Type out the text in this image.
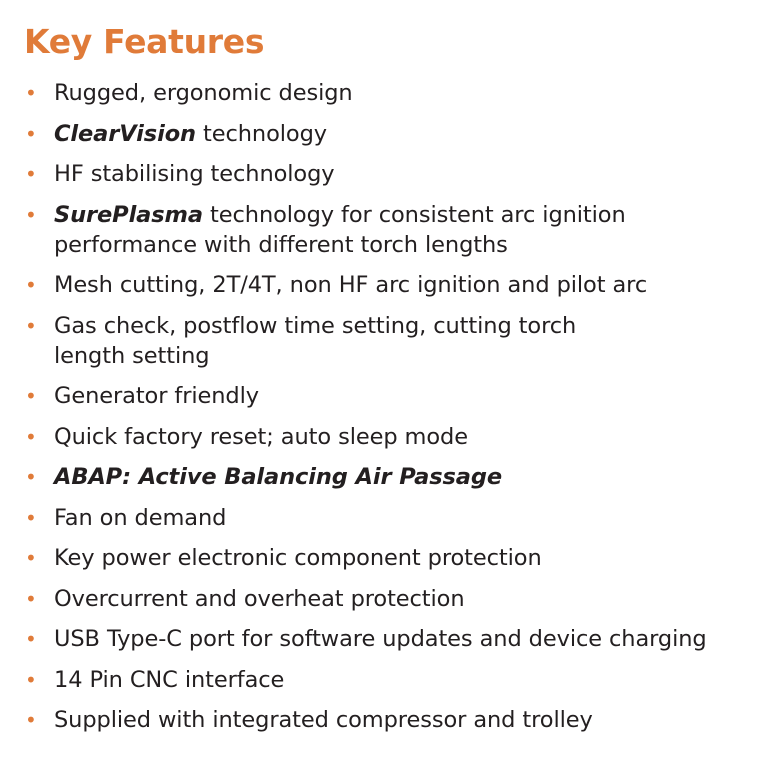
Key Features
• Rugged, ergonomic design
• ClearVision technology
• HF stabilising technology
• SurePlasma technology for consistent arc ignition
performance with different torch lengths
• Mesh cutting, 2T/4T, non HF arc ignition and pilot arc
• Gas check, postflow time setting, cutting torch
length setting
• Generator friendly
• Quick factory reset; auto sleep mode
• ABAP: Active Balancing Air Passage
• Fan on demand
• Key power electronic component protection
• Overcurrent and overheat protection
• USB Type-C port for software updates and device charging
• 14 Pin CNC interface
• Supplied with integrated compressor and trolley
